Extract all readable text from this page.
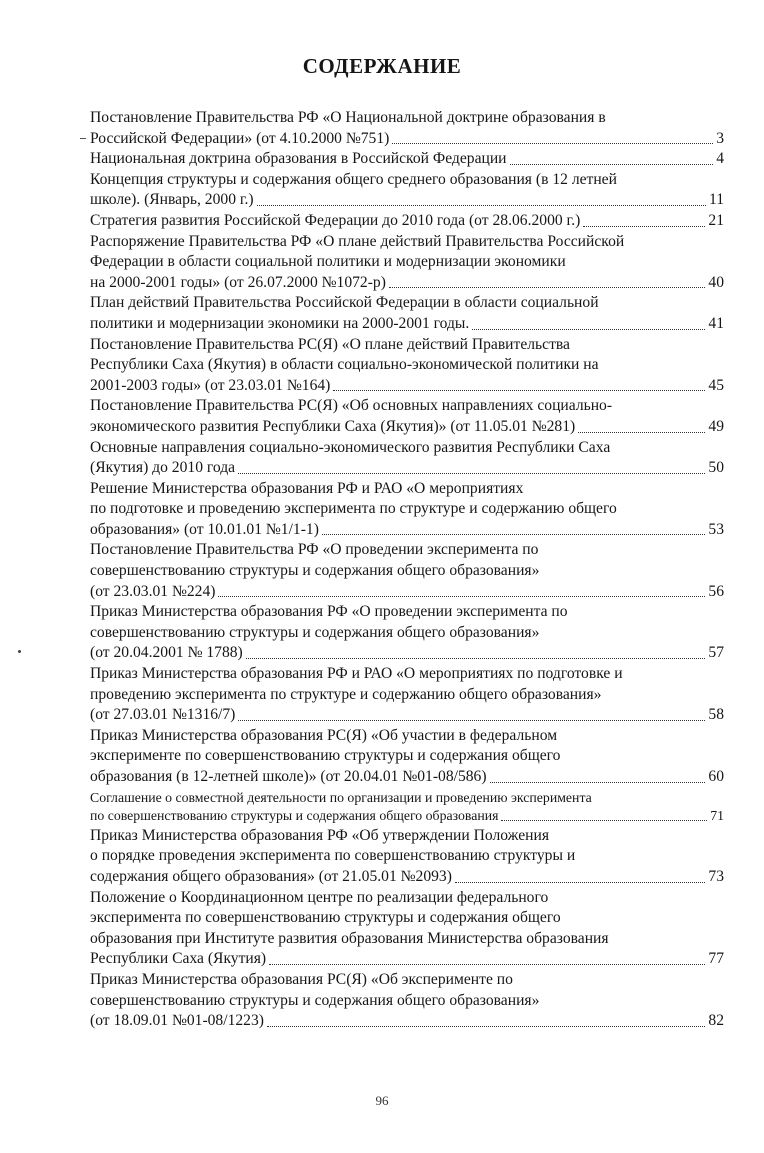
СОДЕРЖАНИЕ
Постановление Правительства РФ «О Национальной доктрине образования в
Российской Федерации» (от 4.10.2000 №751)	3
Национальная доктрина образования в Российской Федерации	4
Концепция структуры и содержания общего среднего образования (в 12 летней
школе). (Январь, 2000 г.)	11
Стратегия развития Российской Федерации до 2010 года (от 28.06.2000 г.)	21
Распоряжение Правительства РФ «О плане действий Правительства Российской
Федерации в области социальной политики и модернизации экономики
на 2000-2001 годы» (от 26.07.2000 №1072-р)	40
План действий Правительства Российской Федерации в области социальной
политики и модернизации экономики на 2000-2001 годы.	41
Постановление Правительства РС(Я) «О плане действий Правительства
Республики Саха (Якутия) в области социально-экономической политики на
2001-2003 годы» (от 23.03.01 №164)	45
Постановление Правительства РС(Я) «Об основных направлениях социально-
экономического развития Республики Саха (Якутия)» (от 11.05.01 №281)	49
Основные направления социально-экономического развития Республики Саха
(Якутия) до 2010 года	50
Решение Министерства образования РФ и РАО «О мероприятиях
по подготовке и проведению эксперимента по структуре и содержанию общего
образования» (от 10.01.01 №1/1-1)	53
Постановление Правительства РФ «О проведении эксперимента по
совершенствованию структуры и содержания общего образования»
(от 23.03.01 №224)	56
Приказ Министерства образования РФ «О проведении эксперимента по
совершенствованию структуры и содержания общего образования»
(от 20.04.2001 № 1788)	57
Приказ Министерства образования РФ и РАО «О мероприятиях по подготовке и
проведению эксперимента по структуре и содержанию общего образования»
(от 27.03.01 №1316/7)	58
Приказ Министерства образования РС(Я) «Об участии в федеральном
эксперименте по совершенствованию структуры и содержания общего
образования (в 12-летней школе)» (от 20.04.01 №01-08/586)	60
Соглашение о совместной деятельности по организации и проведению эксперимента
по совершенствованию структуры и содержания общего образования	71
Приказ Министерства образования РФ «Об утверждении Положения
о порядке проведения эксперимента по совершенствованию структуры и
содержания общего образования» (от 21.05.01 №2093)	73
Положение о Координационном центре по реализации федерального
эксперимента по совершенствованию структуры и содержания общего
образования при Институте развития образования Министерства образования
Республики Саха (Якутия)	77
Приказ Министерства образования РС(Я) «Об эксперименте по
совершенствованию структуры и содержания общего образования»
(от 18.09.01 №01-08/1223)	82
96
